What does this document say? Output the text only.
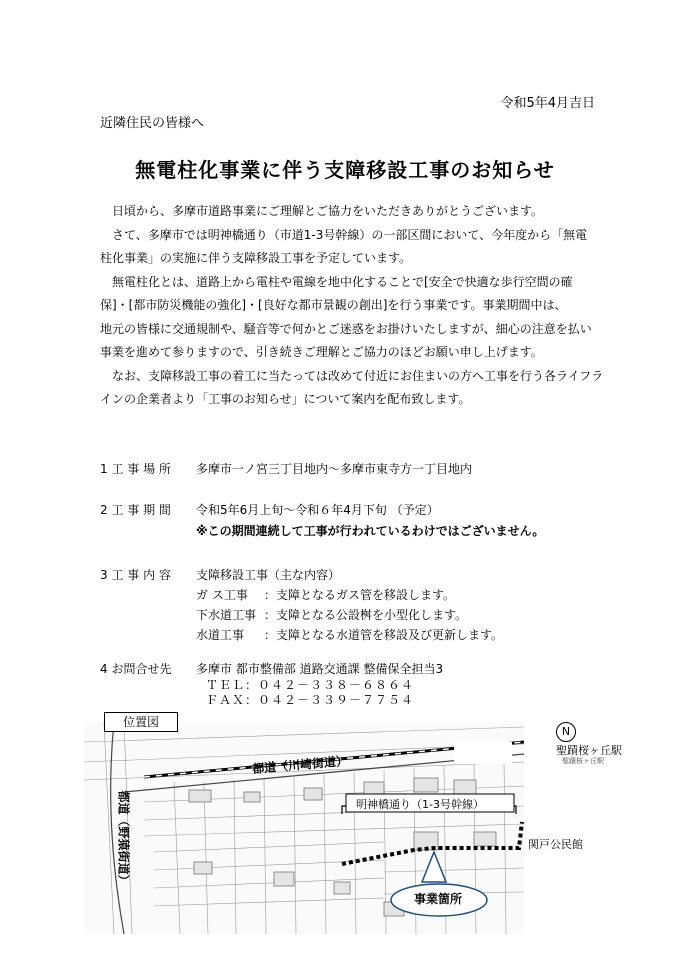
令和5年4月吉日
近隣住民の皆様へ
無電柱化事業に伴う支障移設工事のお知らせ

日頃から、多摩市道路事業にご理解とご協力をいただきありがとうございます。

さて、多摩市では明神橋通り（市道1-3号幹線）の一部区間において、今年度から「無電

柱化事業」の実施に伴う支障移設工事を予定しています。

無電柱化とは、道路上から電柱や電線を地中化することで[安全で快適な歩行空間の確

保]・[都市防災機能の強化]・[良好な都市景観の創出]を行う事業です。事業期間中は、
地元の皆様に交通規制や、騒音等で何かとご迷惑をお掛けいたしますが、細心の注意を払い
事業を進めて参りますので、引き続きご理解とご協力のほどお願い申し上げます。

なお、支障移設工事の着工に当たっては改めて付近にお住まいの方へ工事を行う各ライフラ

インの企業者より「工事のお知らせ」について案内を配布致します。
1 工 事 場 所 多摩市一ノ宮三丁目地内～多摩市東寺方一丁目地内
2 工 事 期 間 令和5年6月上旬～令和６年4月下旬 （予定）
※この期間連続して工事が行われているわけではございません。
3 工 事 内 容 支障移設工事（主な内容）
ガ ス工事 ：支障となるガス管を移設します。
下水道工事 ：支障となる公設桝を小型化します。
水道工事 ：支障となる水道管を移設及び更新します。
4 お問合せ先 多摩市 都市整備部 道路交通課 整備保全担当3
ＴＥＬ：０４２－３３８－６８６４
ＦＡＸ：０４２－３３９－７７５４
位置図
都道（川崎街道）
都道（野猿街道）	明神橋通り（1-3号幹線）
事業箇所
N
聖蹟桜ヶ丘駅
聖蹟桜ヶ丘駅
関戸公民館
